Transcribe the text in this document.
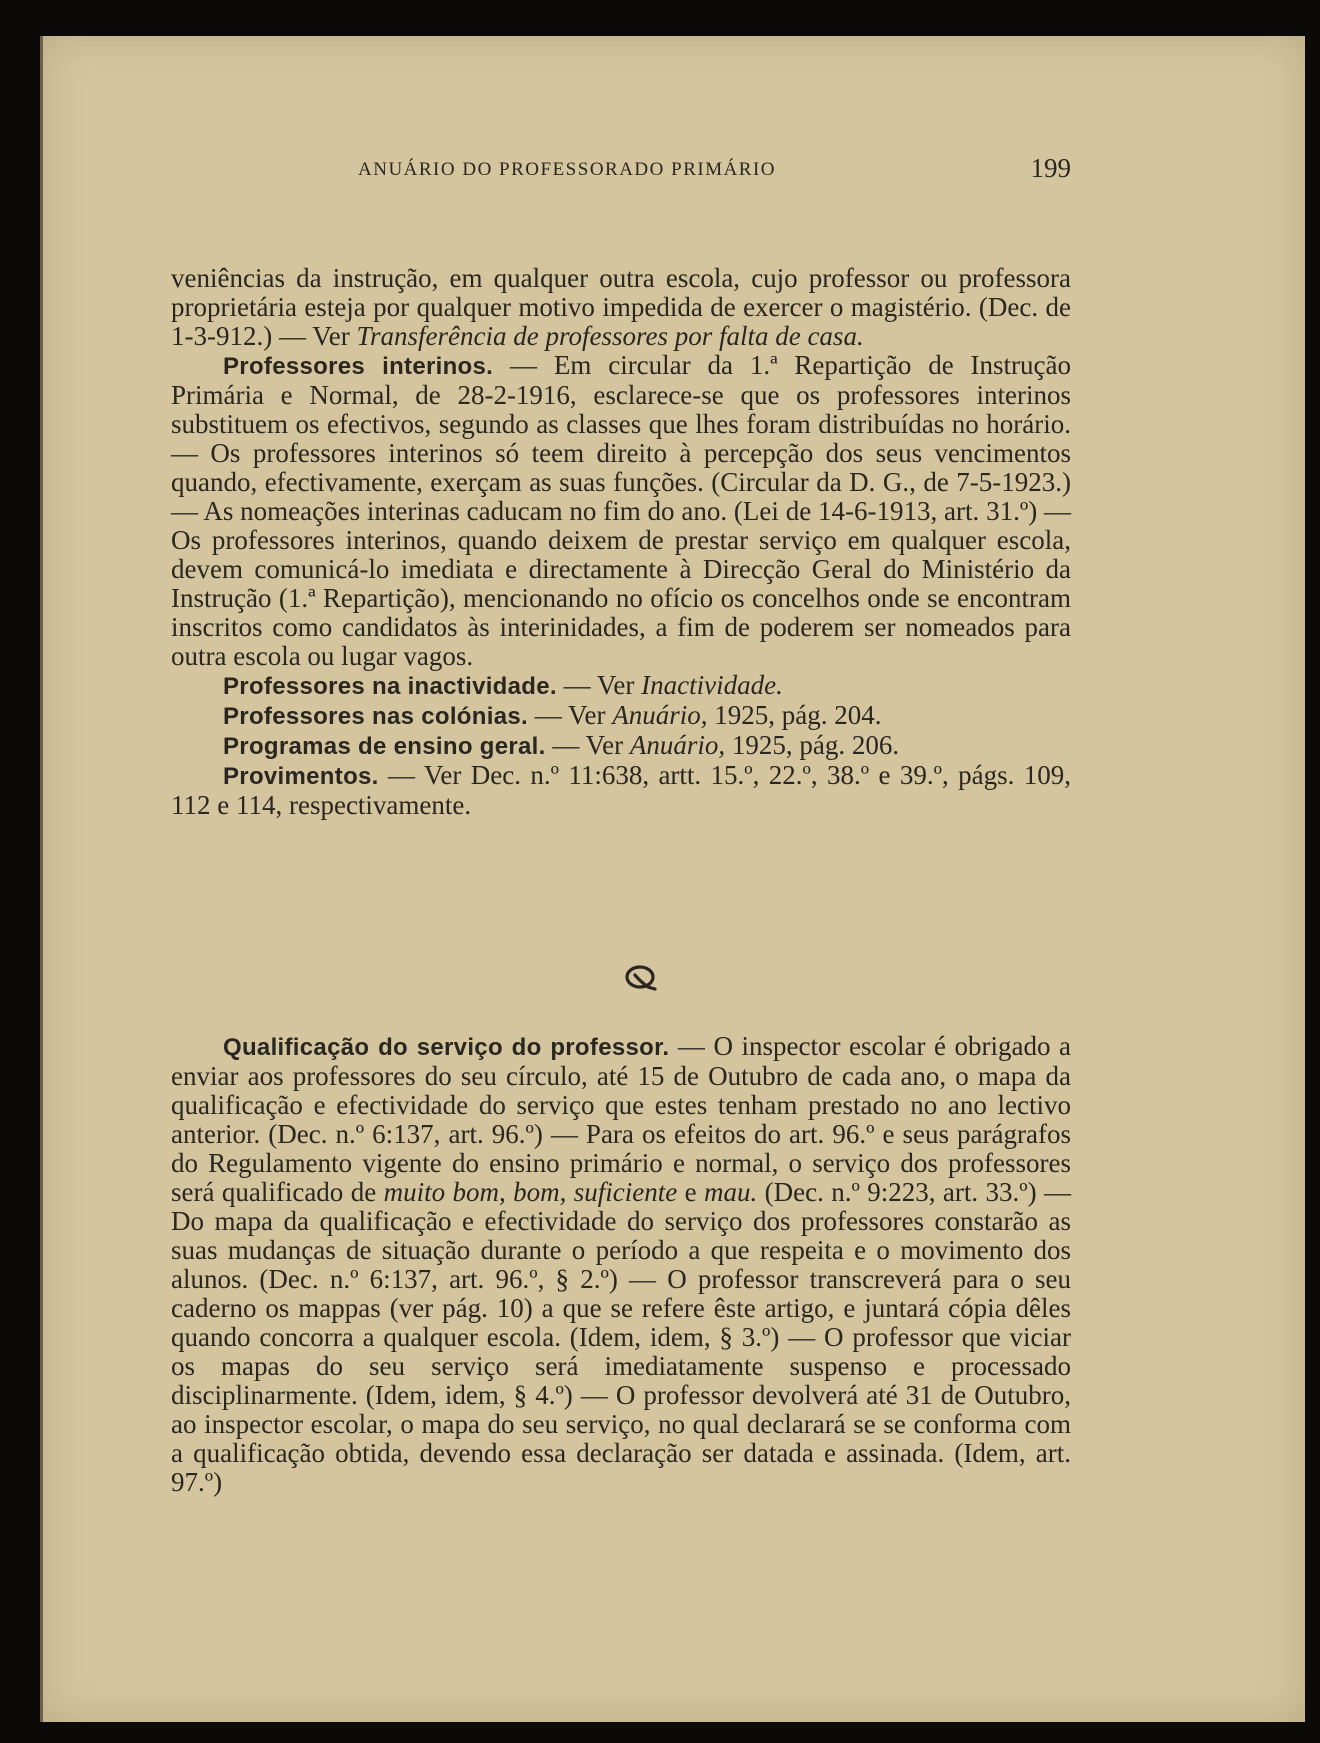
ANUÁRIO DO PROFESSORADO PRIMÁRIO	199

veniências da instrução, em qualquer outra escola, cujo professor ou professora proprietária esteja por qualquer motivo impedida de exercer o magistério. (Dec. de 1-3-912.) — Ver Transferência de professores por falta de casa.

Professores interinos. — Em circular da 1.ª Repartição de Instrução Primária e Normal, de 28-2-1916, esclarece-se que os professores interinos substituem os efectivos, segundo as classes que lhes foram distribuídas no horário. — Os professores interinos só teem direito à percepção dos seus vencimentos quando, efectivamente, exerçam as suas funções. (Circular da D. G., de 7-5-1923.) — As nomeações interinas caducam no fim do ano. (Lei de 14-6-1913, art. 31.º) — Os professores interinos, quando deixem de prestar serviço em qualquer escola, devem comunicá-lo imediata e directamente à Direcção Geral do Ministério da Instrução (1.ª Repartição), mencionando no ofício os concelhos onde se encontram inscritos como candidatos às interinidades, a fim de poderem ser nomeados para outra escola ou lugar vagos.

Professores na inactividade. — Ver Inactividade.

Professores nas colónias. — Ver Anuário, 1925, pág. 204.

Programas de ensino geral. — Ver Anuário, 1925, pág. 206.

Provimentos. — Ver Dec. n.º 11:638, artt. 15.º, 22.º, 38.º e 39.º, págs. 109, 112 e 114, respectivamente.

Qualificação do serviço do professor. — O inspector escolar é obrigado a enviar aos professores do seu círculo, até 15 de Outubro de cada ano, o mapa da qualificação e efectividade do serviço que estes tenham prestado no ano lectivo anterior. (Dec. n.º 6:137, art. 96.º) — Para os efeitos do art. 96.º e seus parágrafos do Regulamento vigente do ensino primário e normal, o serviço dos professores será qualificado de muito bom, bom, suficiente e mau. (Dec. n.º 9:223, art. 33.º) — Do mapa da qualificação e efectividade do serviço dos professores constarão as suas mudanças de situação durante o período a que respeita e o movimento dos alunos. (Dec. n.º 6:137, art. 96.º, § 2.º) — O professor transcreverá para o seu caderno os mappas (ver pág. 10) a que se refere êste artigo, e juntará cópia dêles quando concorra a qualquer escola. (Idem, idem, § 3.º) — O professor que viciar os mapas do seu serviço será imediatamente suspenso e processado disciplinarmente. (Idem, idem, § 4.º) — O professor devolverá até 31 de Outubro, ao inspector escolar, o mapa do seu serviço, no qual declarará se se conforma com a qualificação obtida, devendo essa declaração ser datada e assinada. (Idem, art. 97.º)
